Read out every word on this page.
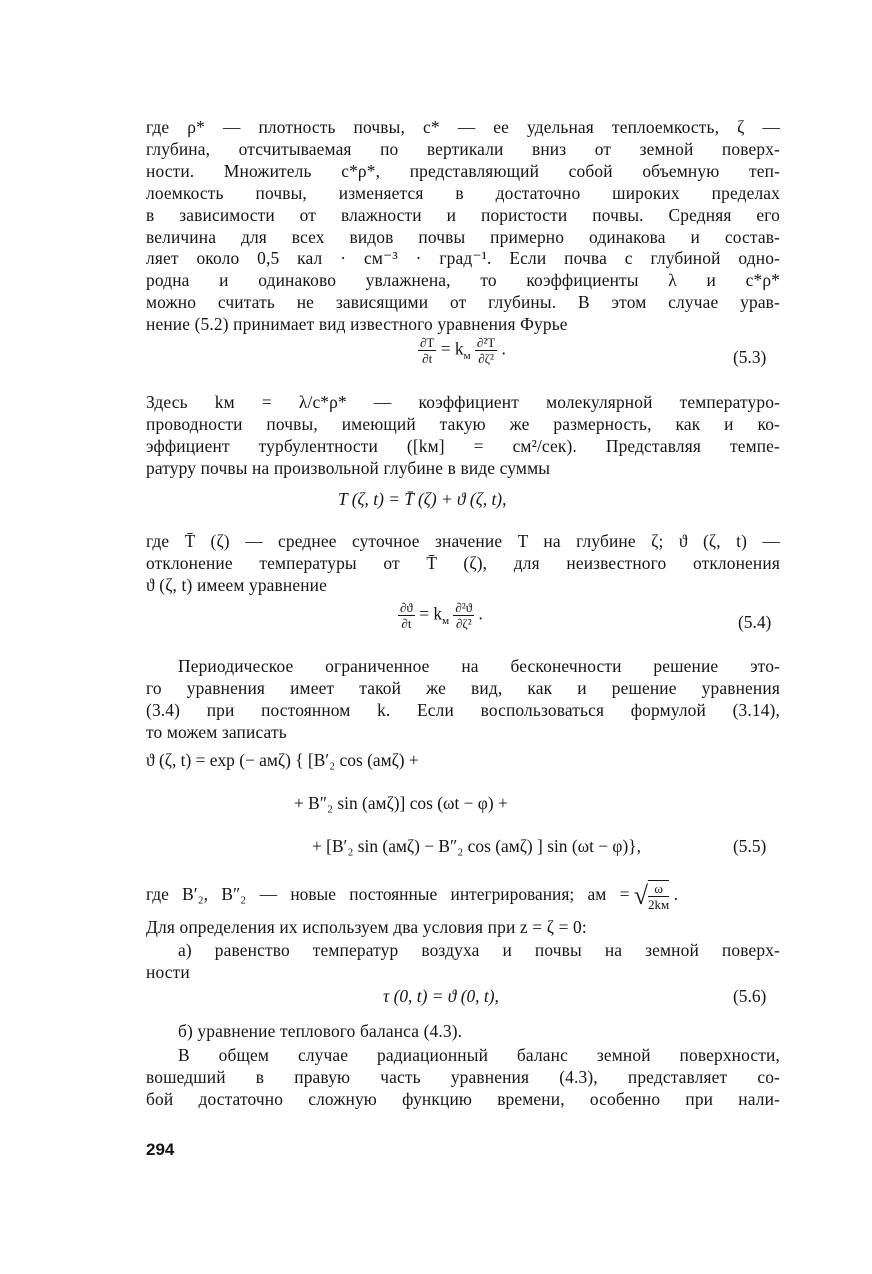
где ρ* — плотность почвы, c* — ее удельная теплоемкость, ζ —
глубина, отсчитываемая по вертикали вниз от земной поверх-
ности. Множитель c*ρ*, представляющий собой объемную теп-
лоемкость почвы, изменяется в достаточно широких пределах
в зависимости от влажности и пористости почвы. Средняя его
величина для всех видов почвы примерно одинакова и состав-
ляет около 0,5 кал · см⁻³ · град⁻¹. Если почва с глубиной одно-
родна и одинаково увлажнена, то коэффициенты λ и c*ρ*
можно считать не зависящими от глубины. В этом случае урав-
нение (5.2) принимает вид известного уравнения Фурье
$\frac{\partial T}{\partial t} = k_м \frac{\text{∂²T}}{\text{∂ζ²}}$ .	(5.3)
Здесь kм = λ/c*ρ* — коэффициент молекулярной температуро-
проводности почвы, имеющий такую же размерность, как и ко-
эффициент турбулентности ([kм] = см²/сек). Представляя темпе-
ратуру почвы на произвольной глубине в виде суммы
T (ζ, t) = T̄ (ζ) + ϑ (ζ, t),
где T̄ (ζ) — среднее суточное значение T на глубине ζ; ϑ (ζ, t) —
отклонение температуры от T̄ (ζ), для неизвестного отклонения
ϑ (ζ, t) имеем уравнение
$\frac{\partial ϑ}{\partial t} = k_м \frac{\text{∂²ϑ}}{\text{∂ζ²}}$ .	(5.4)
Периодическое ограниченное на бесконечности решение это-
го уравнения имеет такой же вид, как и решение уравнения
(3.4) при постоянном k. Если воспользоваться формулой (3.14),
то можем записать
ϑ (ζ, t) = exp (− aмζ) { [B′₂ cos (aмζ) +
+ B″₂ sin (aмζ)] cos (ωt − φ) +
+ [B′₂ sin (aмζ) − B″₂ cos (aмζ) ] sin (ωt − φ)},	(5.5)
где B′₂, B″₂ — новые постоянные интегрирования; aм = √ $\frac{\omega}{2kм}$ .
Для определения их используем два условия при z = ζ = 0:
а) равенство температур воздуха и почвы на земной поверх-
ности
τ (0, t) = ϑ (0, t),	(5.6)
б) уравнение теплового баланса (4.3).
В общем случае радиационный баланс земной поверхности,
вошедший в правую часть уравнения (4.3), представляет со-
бой достаточно сложную функцию времени, особенно при нали-
294
